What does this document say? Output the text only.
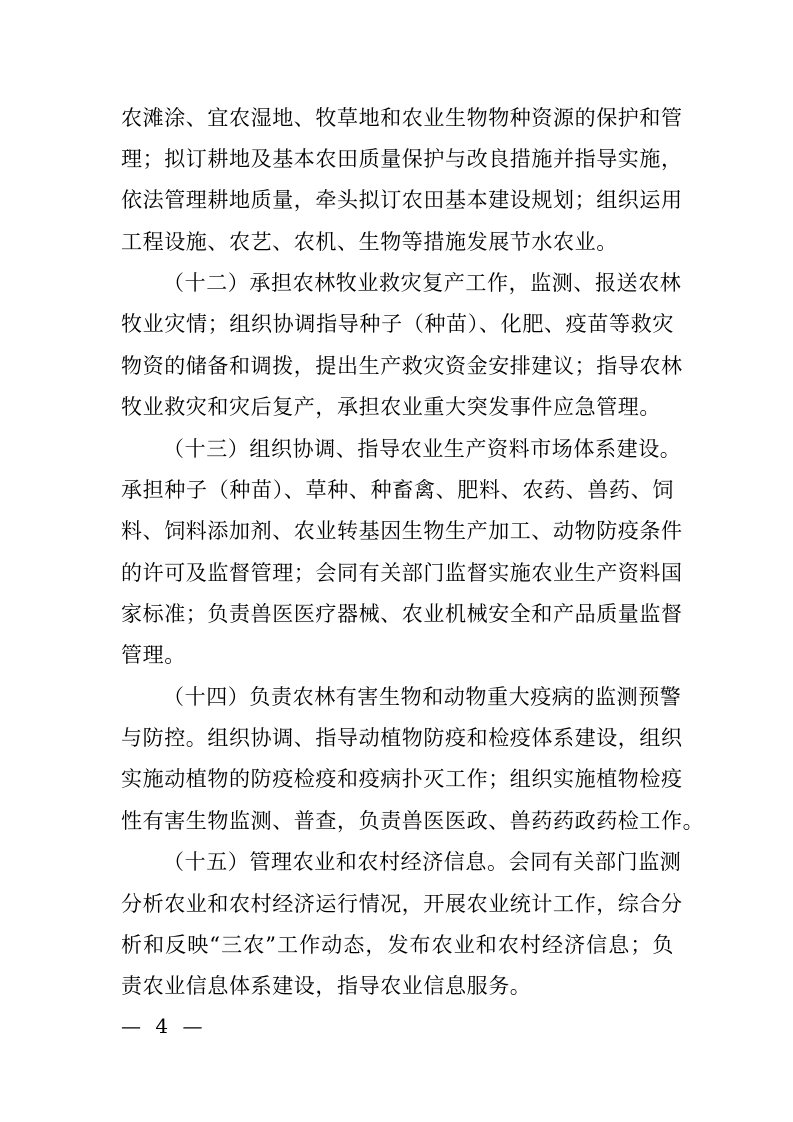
农滩涂、宜农湿地、牧草地和农业生物物种资源的保护和管
理；拟订耕地及基本农田质量保护与改良措施并指导实施，
依法管理耕地质量，牵头拟订农田基本建设规划；组织运用
工程设施、农艺、农机、生物等措施发展节水农业。
（十二）承担农林牧业救灾复产工作，监测、报送农林
牧业灾情；组织协调指导种子（种苗）、化肥、疫苗等救灾
物资的储备和调拨，提出生产救灾资金安排建议；指导农林
牧业救灾和灾后复产，承担农业重大突发事件应急管理。
（十三）组织协调、指导农业生产资料市场体系建设。
承担种子（种苗）、草种、种畜禽、肥料、农药、兽药、饲
料、饲料添加剂、农业转基因生物生产加工、动物防疫条件
的许可及监督管理；会同有关部门监督实施农业生产资料国
家标准；负责兽医医疗器械、农业机械安全和产品质量监督
管理。
（十四）负责农林有害生物和动物重大疫病的监测预警
与防控。组织协调、指导动植物防疫和检疫体系建设，组织
实施动植物的防疫检疫和疫病扑灭工作；组织实施植物检疫
性有害生物监测、普查，负责兽医医政、兽药药政药检工作。
（十五）管理农业和农村经济信息。会同有关部门监测
分析农业和农村经济运行情况，开展农业统计工作，综合分
析和反映“三农”工作动态，发布农业和农村经济信息；负
责农业信息体系建设，指导农业信息服务。
— 4 —
